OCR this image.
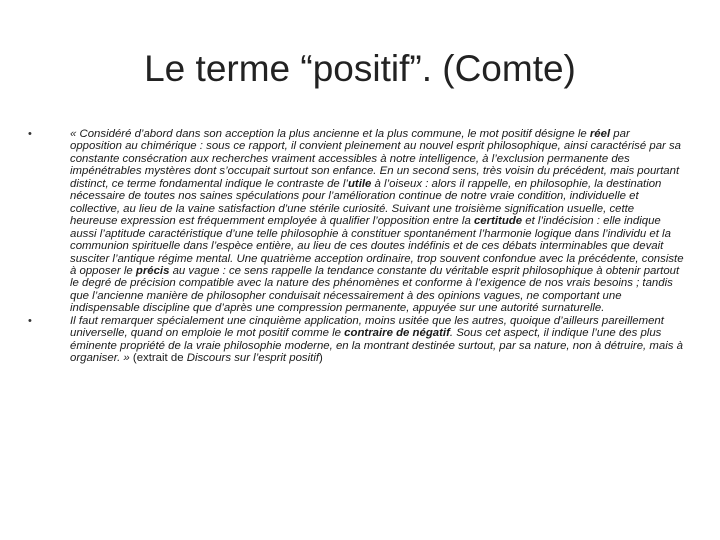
Le terme “positif”. (Comte)
•	« Considéré d’abord dans son acception la plus ancienne et la plus commune, le mot positif désigne le réel par opposition au chimérique : sous ce rapport, il convient pleinement au nouvel esprit philosophique, ainsi caractérisé par sa constante consécration aux recherches vraiment accessibles à notre intelligence, à l’exclusion permanente des impénétrables mystères dont s’occupait surtout son enfance. En un second sens, très voisin du précédent, mais pourtant distinct, ce terme fondamental indique le contraste de l’utile à l’oiseux : alors il rappelle, en philosophie, la destination nécessaire de toutes nos saines spéculations pour l’amélioration continue de notre vraie condition, individuelle et collective, au lieu de la vaine satisfaction d’une stérile curiosité. Suivant une troisième signification usuelle, cette heureuse expression est fréquemment employée à qualifier l’opposition entre la certitude et l’indécision : elle indique aussi l’aptitude caractéristique d’une telle philosophie à constituer spontanément l’harmonie logique dans l’individu et la communion spirituelle dans l’espèce entière, au lieu de ces doutes indéfinis et de ces débats interminables que devait susciter l’antique régime mental. Une quatrième acception ordinaire, trop souvent confondue avec la précédente, consiste à opposer le précis au vague : ce sens rappelle la tendance constante du véritable esprit philosophique à obtenir partout le degré de précision compatible avec la nature des phénomènes et conforme à l’exigence de nos vrais besoins ; tandis que l’ancienne manière de philosopher conduisait nécessairement à des opinions vagues, ne comportant une indispensable discipline que d’après une compression permanente, appuyée sur une autorité surnaturelle.
•	Il faut remarquer spécialement une cinquième application, moins usitée que les autres, quoique d’ailleurs pareillement universelle, quand on emploie le mot positif comme le contraire de négatif. Sous cet aspect, il indique l’une des plus éminente propriété de la vraie philosophie moderne, en la montrant destinée surtout, par sa nature, non à détruire, mais à organiser. » (extrait de Discours sur l’esprit positif)
